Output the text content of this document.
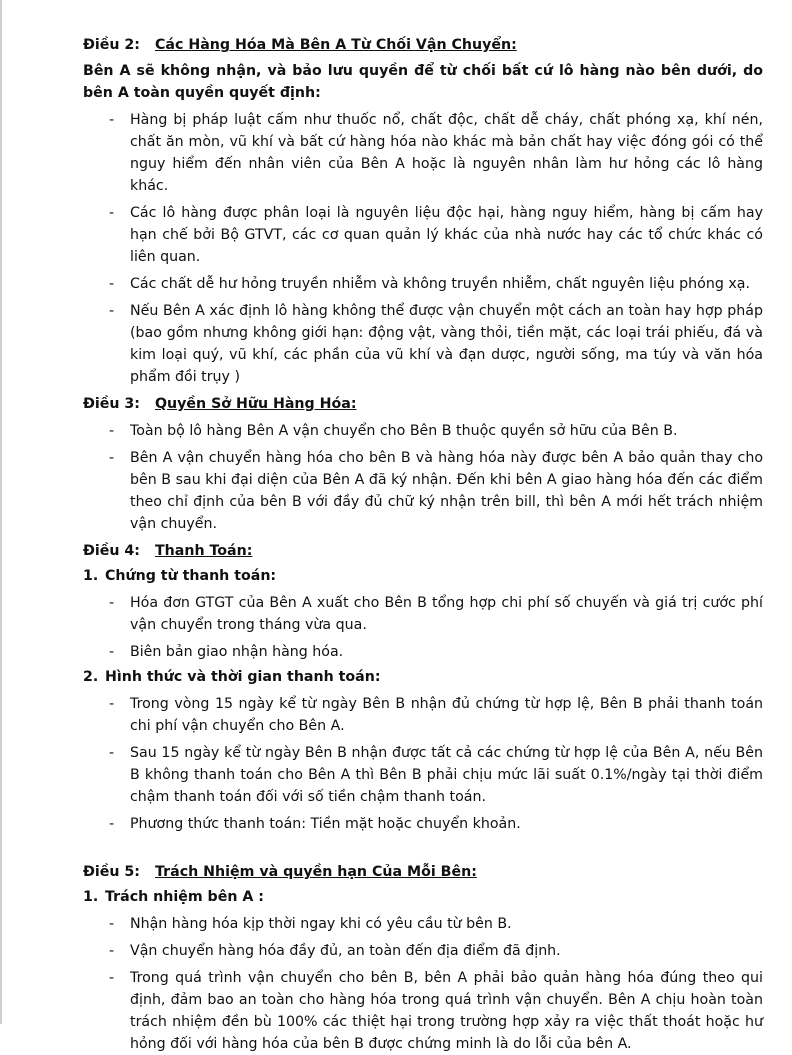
Điều 2: Các Hàng Hóa Mà Bên A Từ Chối Vận Chuyển:
Bên A sẽ không nhận, và bảo lưu quyền để từ chối bất cứ lô hàng nào bên dưới, do bên A toàn quyền quyết định:
- Hàng bị pháp luật cấm như thuốc nổ, chất độc, chất dễ cháy, chất phóng xạ, khí nén, chất ăn mòn, vũ khí và bất cứ hàng hóa nào khác mà bản chất hay việc đóng gói có thể nguy hiểm đến nhân viên của Bên A hoặc là nguyên nhân làm hư hỏng các lô hàng khác.
- Các lô hàng được phân loại là nguyên liệu độc hại, hàng nguy hiểm, hàng bị cấm hay hạn chế bởi Bộ GTVT, các cơ quan quản lý khác của nhà nước hay các tổ chức khác có liên quan.
- Các chất dễ hư hỏng truyền nhiễm và không truyền nhiễm, chất nguyên liệu phóng xạ.
- Nếu Bên A xác định lô hàng không thể được vận chuyển một cách an toàn hay hợp pháp (bao gồm nhưng không giới hạn: động vật, vàng thỏi, tiền mặt, các loại trái phiếu, đá và kim loại quý, vũ khí, các phần của vũ khí và đạn dược, người sống, ma túy và văn hóa phẩm đồi trụy )
Điều 3: Quyền Sở Hữu Hàng Hóa:
- Toàn bộ lô hàng Bên A vận chuyển cho Bên B thuộc quyền sở hữu của Bên B.
- Bên A vận chuyển hàng hóa cho bên B và hàng hóa này được bên A bảo quản thay cho bên B sau khi đại diện của Bên A đã ký nhận. Đến khi bên A giao hàng hóa đến các điểm theo chỉ định của bên B với đầy đủ chữ ký nhận trên bill, thì bên A mới hết trách nhiệm vận chuyển.
Điều 4: Thanh Toán:
1. Chứng từ thanh toán:
- Hóa đơn GTGT của Bên A xuất cho Bên B tổng hợp chi phí số chuyến và giá trị cước phí vận chuyển trong tháng vừa qua.
- Biên bản giao nhận hàng hóa.
2. Hình thức và thời gian thanh toán:
- Trong vòng 15 ngày kể từ ngày Bên B nhận đủ chứng từ hợp lệ, Bên B phải thanh toán chi phí vận chuyển cho Bên A.
- Sau 15 ngày kể từ ngày Bên B nhận được tất cả các chứng từ hợp lệ của Bên A, nếu Bên B không thanh toán cho Bên A thì Bên B phải chịu mức lãi suất 0.1%/ngày tại thời điểm chậm thanh toán đối với số tiền chậm thanh toán.
- Phương thức thanh toán: Tiền mặt hoặc chuyển khoản.
Điều 5: Trách Nhiệm và quyền hạn Của Mỗi Bên:
1. Trách nhiệm bên A :
- Nhận hàng hóa kịp thời ngay khi có yêu cầu từ bên B.
- Vận chuyển hàng hóa đầy đủ, an toàn đến địa điểm đã định.
- Trong quá trình vận chuyển cho bên B, bên A phải bảo quản hàng hóa đúng theo qui định, đảm bao an toàn cho hàng hóa trong quá trình vận chuyển. Bên A chịu hoàn toàn trách nhiệm đền bù 100% các thiệt hại trong trường hợp xảy ra việc thất thoát hoặc hư hỏng đối với hàng hóa của bên B được chứng minh là do lỗi của bên A.
